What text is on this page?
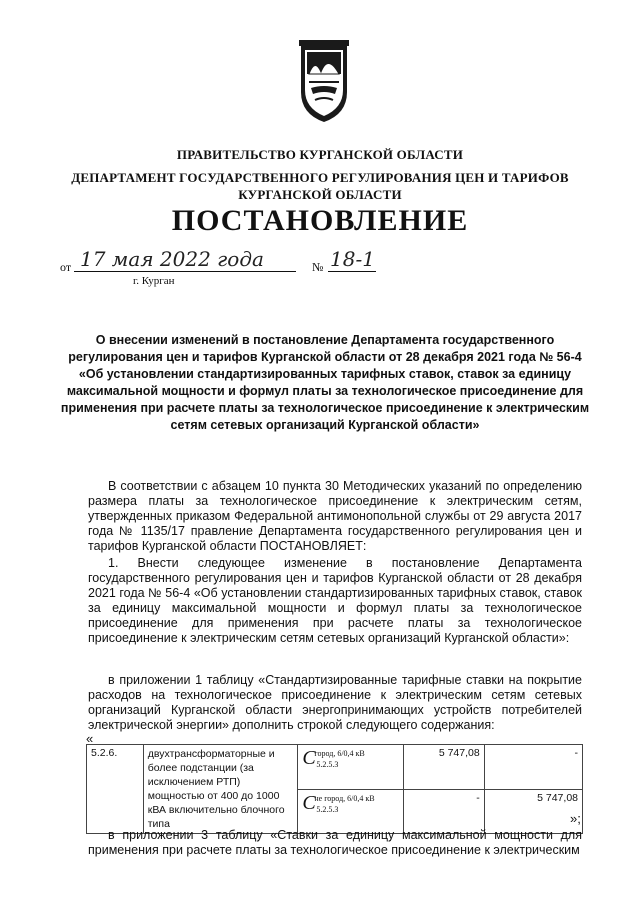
ПРАВИТЕЛЬСТВО КУРГАНСКОЙ ОБЛАСТИ
ДЕПАРТАМЕНТ ГОСУДАРСТВЕННОГО РЕГУЛИРОВАНИЯ ЦЕН И ТАРИФОВ
КУРГАНСКОЙ ОБЛАСТИ
ПОСТАНОВЛЕНИЕ
от 17 мая 2022 года	№ 18-1
г. Курган
О внесении изменений в постановление Департамента государственного регулирования цен и тарифов Курганской области от 28 декабря 2021 года № 56-4 «Об установлении стандартизированных тарифных ставок, ставок за единицу максимальной мощности и формул платы за технологическое присоединение для применения при расчете платы за технологическое присоединение к электрическим сетям сетевых организаций Курганской области»
В соответствии с абзацем 10 пункта 30 Методических указаний по определению размера платы за технологическое присоединение к электрическим сетям, утвержденных приказом Федеральной антимонопольной службы от 29 августа 2017 года № 1135/17 правление Департамента государственного регулирования цен и тарифов Курганской области ПОСТАНОВЛЯЕТ:
1. Внести следующее изменение в постановление Департамента государственного регулирования цен и тарифов Курганской области от 28 декабря 2021 года № 56-4 «Об установлении стандартизированных тарифных ставок, ставок за единицу максимальной мощности и формул платы за технологическое присоединение для применения при расчете платы за технологическое присоединение к электрическим сетям сетевых организаций Курганской области»:
в приложении 1 таблицу «Стандартизированные тарифные ставки на покрытие расходов на технологическое присоединение к электрическим сетям сетевых организаций Курганской области энергопринимающих устройств потребителей электрической энергии» дополнить строкой следующего содержания:
«
5.2.6.	двухтрансформаторные и более подстанции (за исключением РТП) мощностью от 400 до 1000 кВА включительно блочного типа	C
город, 6/0,4 кВ
5.2.5.3	5 747,08	-

		C
не город, 6/0,4 кВ
5.2.5.3	-	5 747,08
»;
в приложении 3 таблицу «Ставки за единицу максимальной мощности для применения при расчете платы за технологическое присоединение к электрическим
